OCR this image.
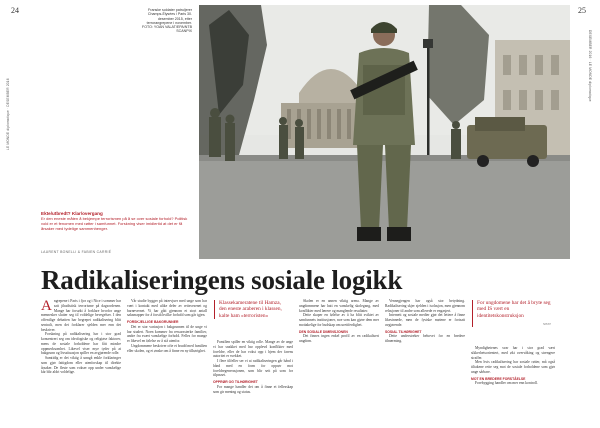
24
LE MONDE diplomatique · DESEMBER 2016
Franske soldater patruljerer Champs-Élysées i Paris 30. desember 2015, etter terrorangrepene i november. FOTO: YOAN VALAT/EPA/NTB SCANPIX
Ekte/utbredt? Klar/overgang
Er den eneste måten å bekjempe terrorismen på å se over sosiale forhold? Politisk vold er et fenomen med røtter i samfunnet. Forskning viser imidlertid at det er få årsaker med tydelige sammenhenger.
LAURENT BONELLI & FABIEN CARRIÉ
25
DESEMBER 2016 · LE MONDE diplomatique
Radikaliseringens sosiale logikk

Angrepene i Paris i fjor og i Nice i sommer har satt jihadistisk terrorisme på dagsordenen. Mange har forsøkt å forklare hvorfor unge mennesker slutter seg til voldelige bevegelser. I den offentlige debatten har begrepet radikalisering blitt sentralt, men det forklarer sjelden mer enn det beskriver.

Forskning på radikalisering har i stor grad konsentrert seg om ideologiske og religiøse faktorer, mens de sosiale forholdene har fått mindre oppmerksomhet. Likevel viser mye tyder på at bakgrunn og livssituasjon spiller en avgjørende rolle.

Samtidig er det viktig å unngå enkle forklaringer som gjør fattigdom eller utenforskap til direkte årsaker. De fleste som vokser opp under vanskelige kår blir aldri voldelige.

Vår studie bygger på intervjuer med unge som har vært i kontakt med ulike deler av rettsvesenet og barnevernet. Vi har gått gjennom et stort antall saksmapper for å forstå hvilke forhold som går igjen.

FORSKJELLIGE BAKGRUNNER

Det er stor variasjon i bakgrunnen til de unge vi har studert. Noen kommer fra ressurssterke familier, andre fra svært vanskelige forhold. Felles for mange er likevel en følelse av å stå utenfor.

Ungdommene beskriver ofte et brudd med familien eller skolen, og et ønske om å finne en ny tilhørighet.

Klassekameratene til Hamza, den eneste araberen i klassen, kalte ham «terroristen»

Familien spiller en viktig rolle. Mange av de unge vi har snakket med har opplevd konflikter med foreldre, eller de har vokst opp i hjem der farens autoritet er svekket.

I flere tilfeller ser vi at radikaliseringen går hånd i hånd med en form for opprør mot foreldregenerasjonen, som blir sett på som for tilpasset.

OPPRØR OG TILHØRIGHET

For mange handler det om å finne et fellesskap som gir mening og status.

Skolen er en annen viktig arena. Mange av ungdommene har hatt en vanskelig skolegang, med konflikter med lærere og manglende resultater.

Dette skaper en følelse av å ha blitt sviktet av samfunnets institusjoner, noe som kan gjøre dem mer mottakelige for budskap om urettferdighet.

DEN SOSIALE DIMENSJONEN

Det finnes ingen enkel profil av en radikalisert ungdom.

Vennegjengen har også stor betydning. Radikalisering skjer sjelden i isolasjon, men gjennom relasjoner til andre som allerede er engasjert.

Internett og sosiale medier gjør det lettere å finne likesinnede, men de fysiske møtene er fortsatt avgjørende.

SOSIAL TILHØRIGHET

Dette understreker behovet for en bredere tilnærming.

For ungdomene har det å bryte seg med IS vært en identitetskonstruksjon
SITAT

Myndighetenes svar har i stor grad vært sikkerhetsorientert, med økt overvåking og strengere straffer.

Men hvis radikalisering har sosiale røtter, må også tiltakene rette seg mot de sosiale forholdene som gjør unge sårbare.

MOT EN BREDERE FORSTÅELSE

Forebygging handler om mer enn kontroll.
